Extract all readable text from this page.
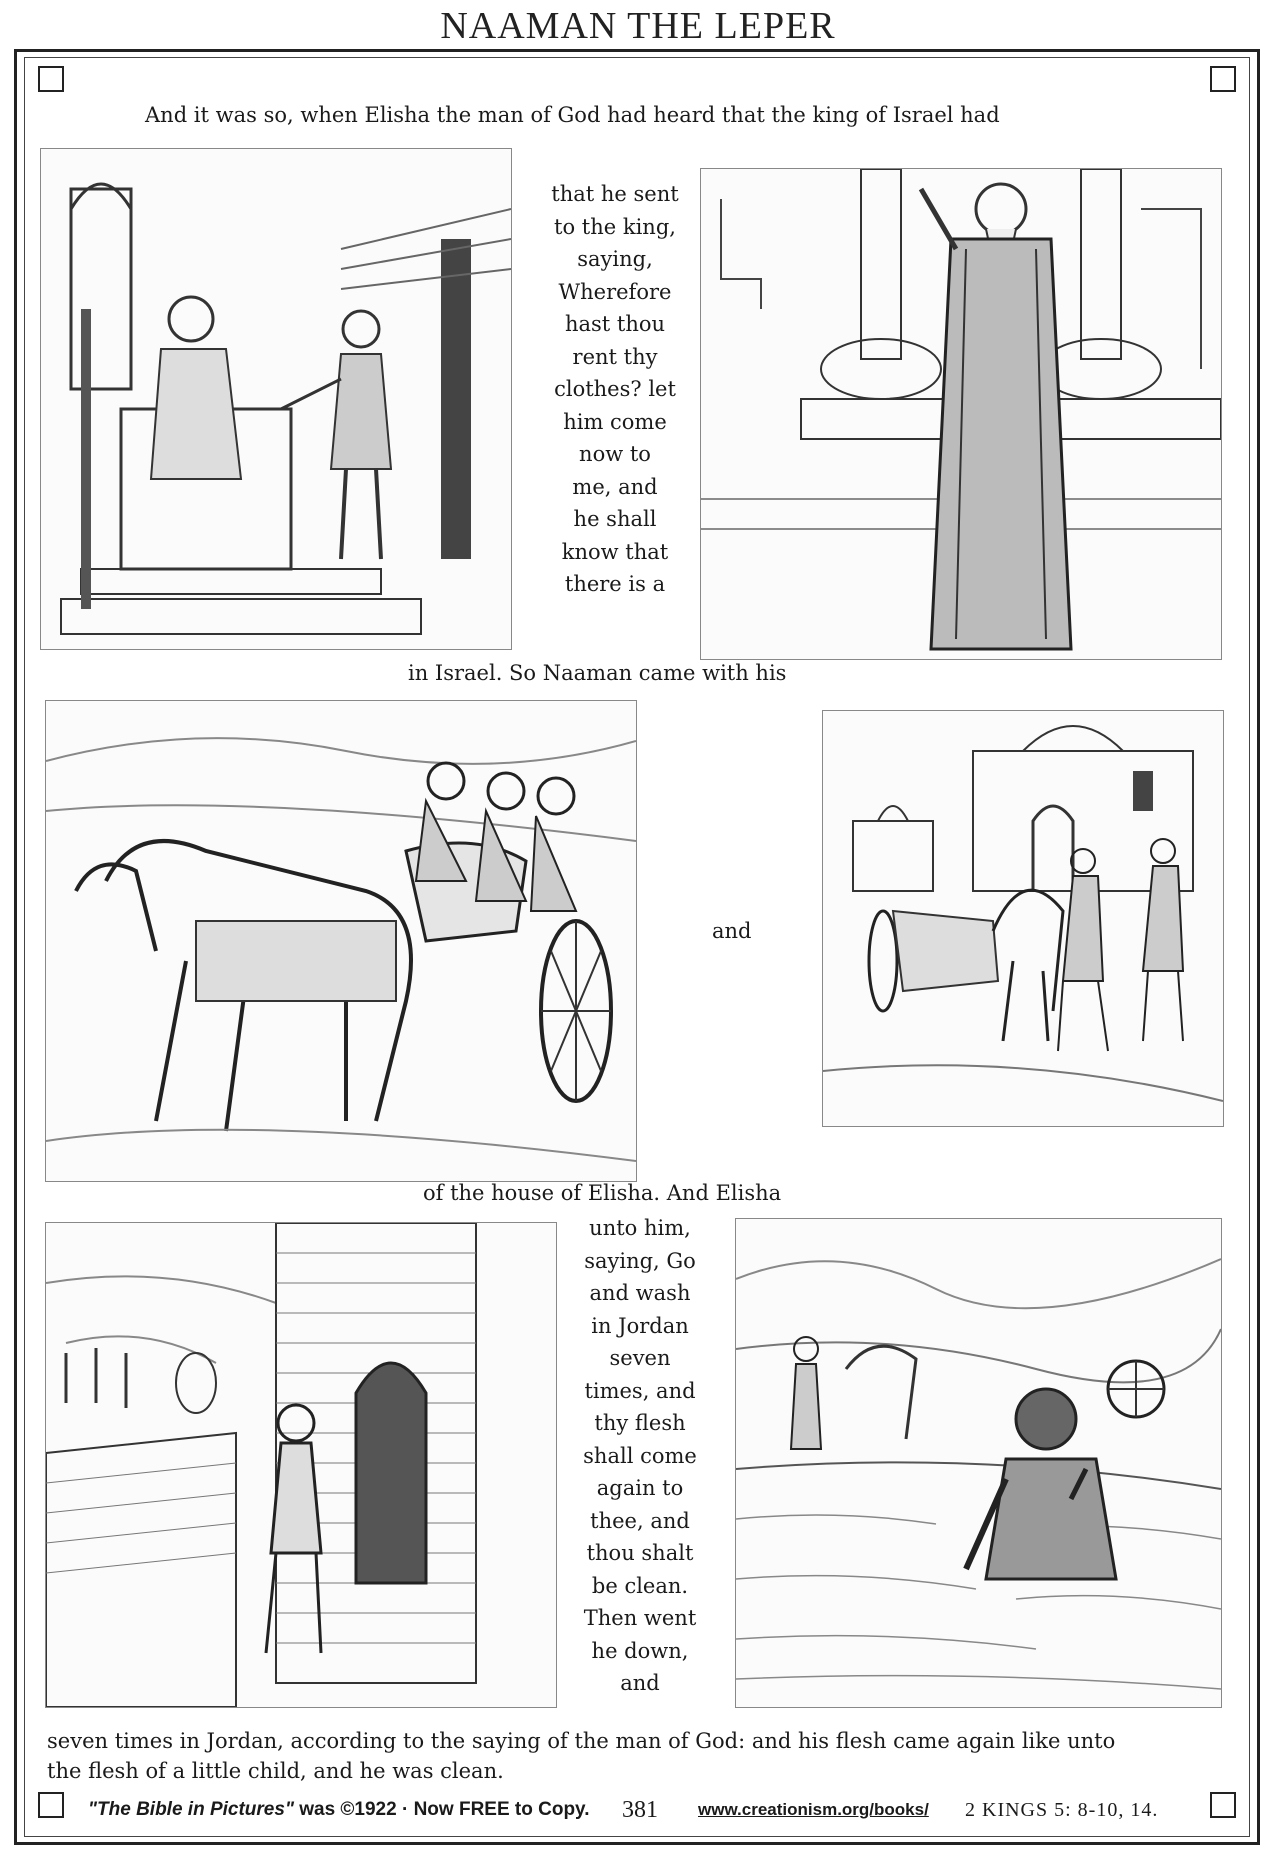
NAAMAN THE LEPER
And it was so, when Elisha the man of God had heard that the king of Israel had
that he sent
to the king,
saying,
Wherefore
hast thou
rent thy
clothes? let
him come
now to
me, and
he shall
know that
there is a
in Israel. So Naaman came with his
and
of the house of Elisha. And Elisha
unto him,
saying, Go
and wash
in Jordan
seven
times, and
thy flesh
shall come
again to
thee, and
thou shalt
be clean.
Then went
he down,
and
seven times in Jordan, according to the saying of the man of God: and his flesh came again like unto
the flesh of a little child, and he was clean.
"The Bible in Pictures" was ©1922 · Now FREE to Copy. 381 www.creationism.org/books/ 2 KINGS 5: 8-10, 14.
